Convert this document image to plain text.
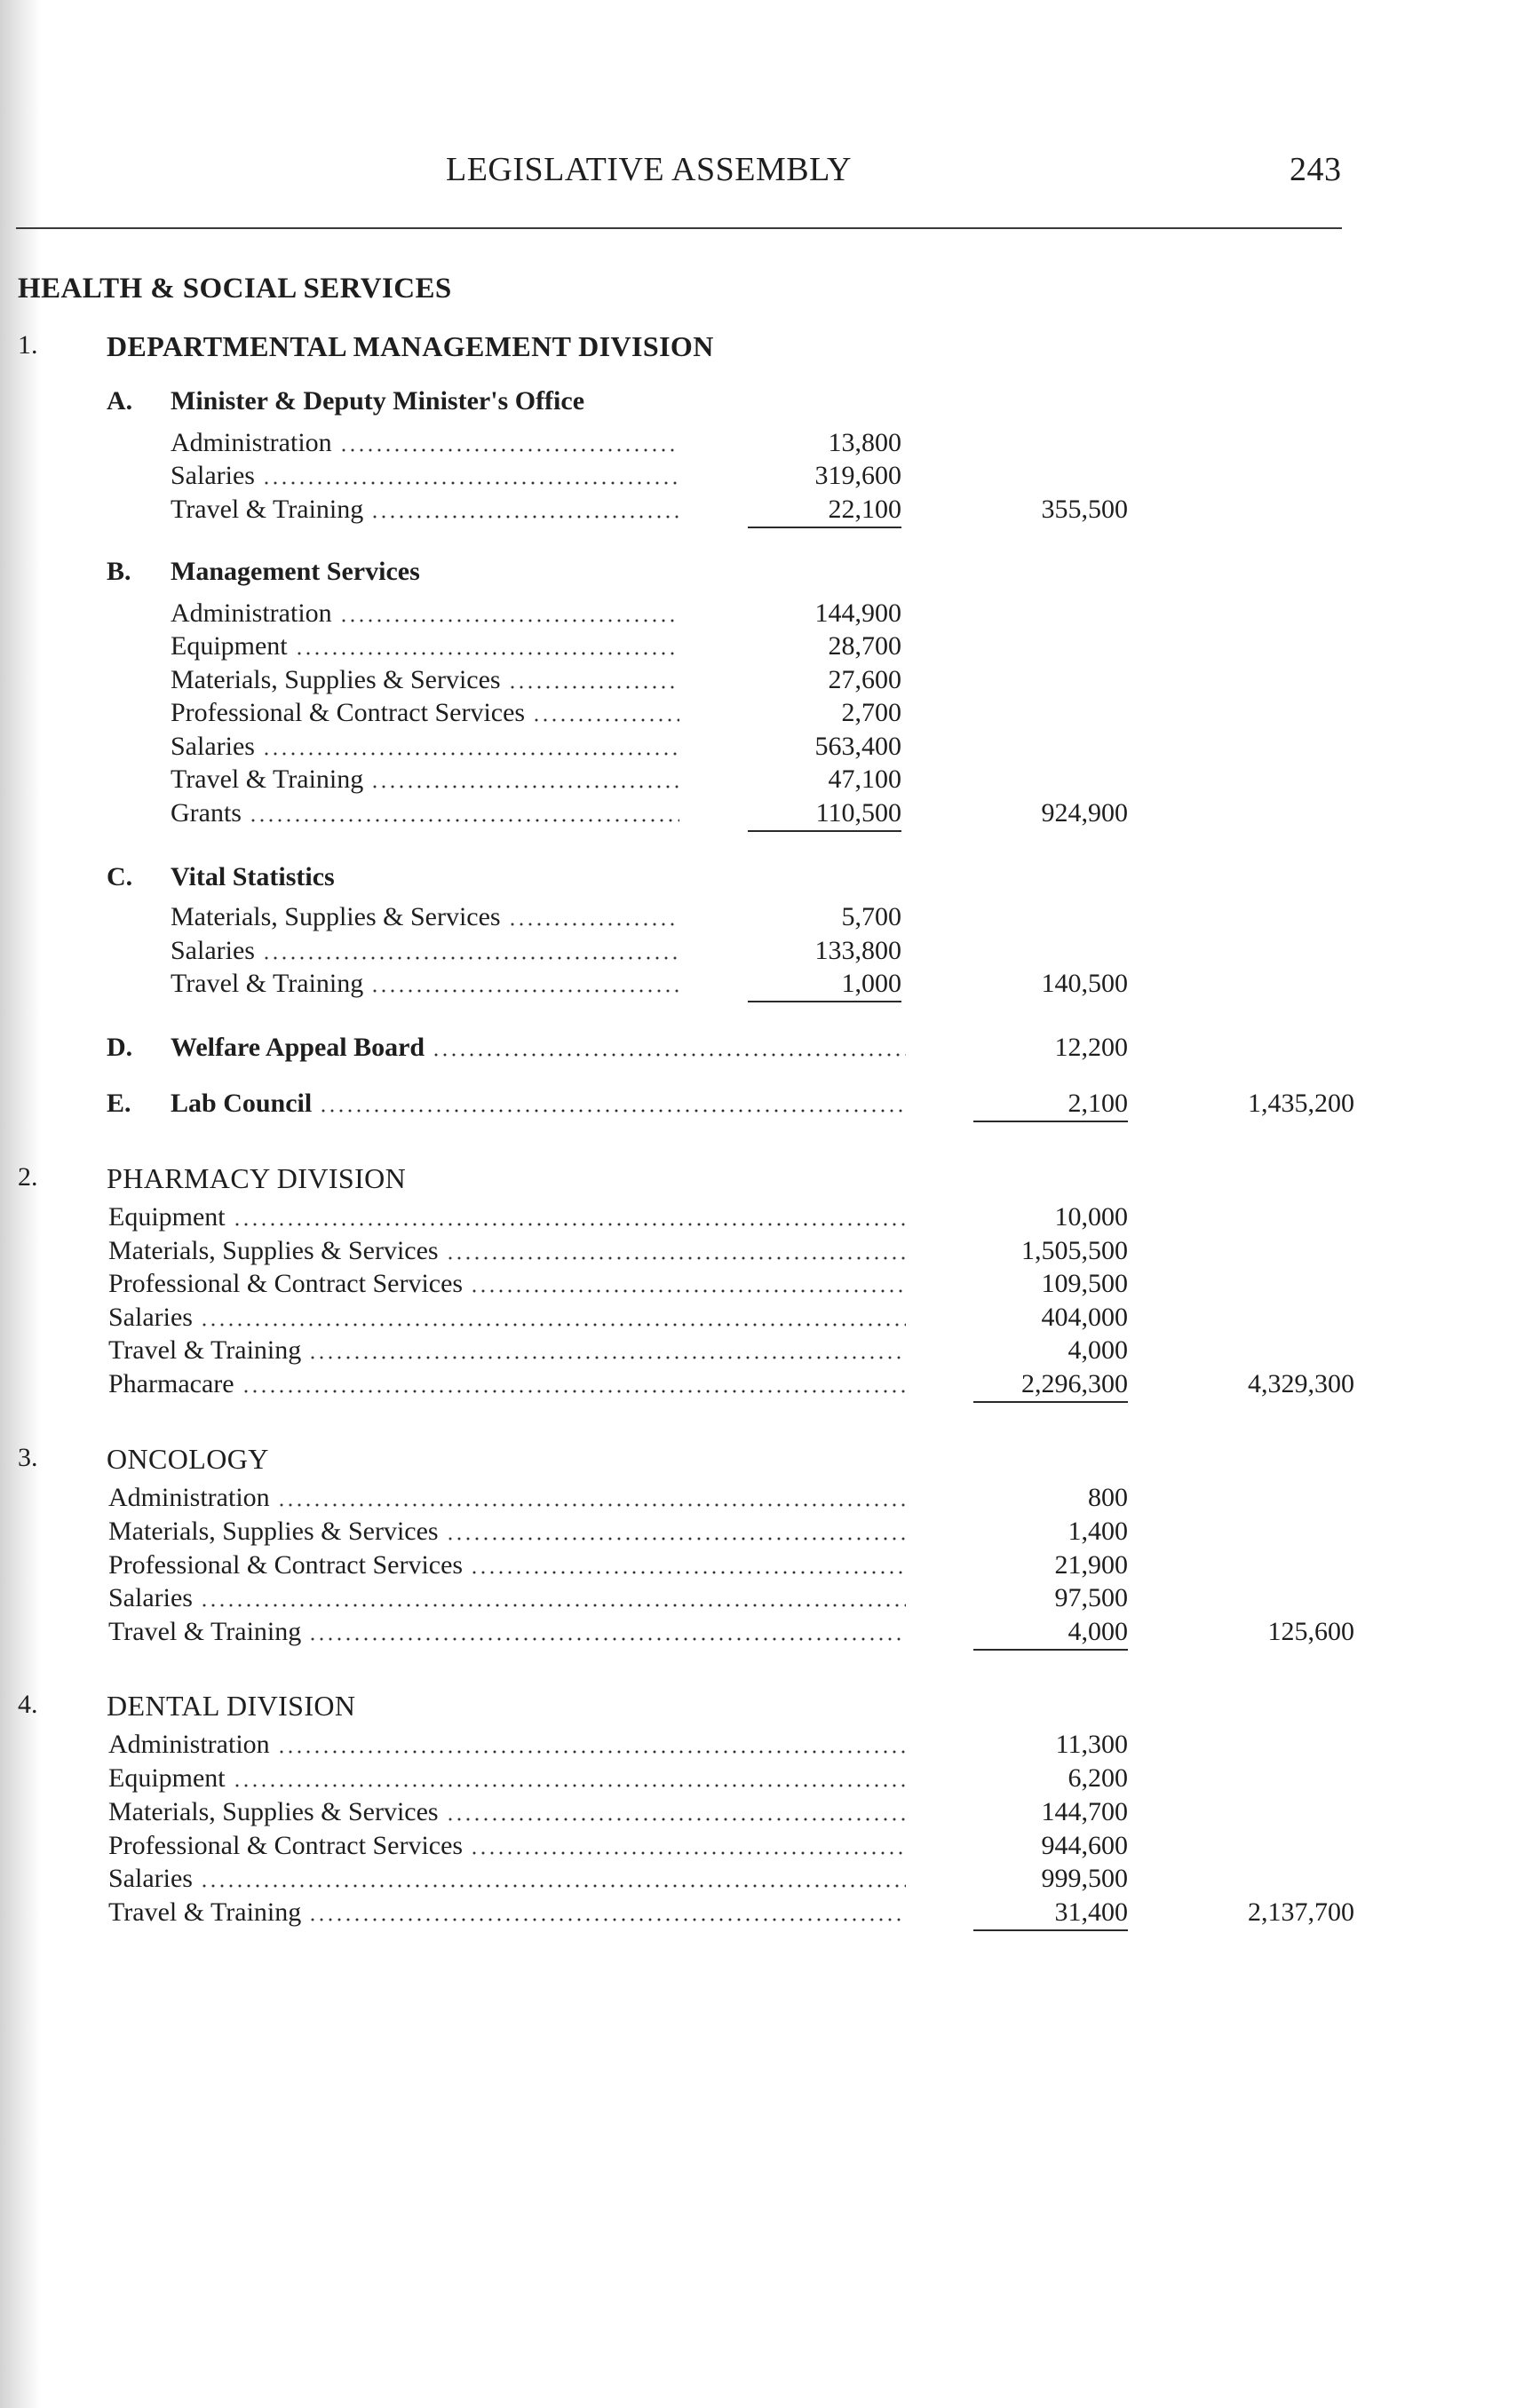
LEGISLATIVE ASSEMBLY	243
HEALTH & SOCIAL SERVICES
1. DEPARTMENTAL MANAGEMENT DIVISION
A. Minister & Deputy Minister's Office
Administration	13,800
Salaries	319,600
Travel & Training	22,100	355,500
B. Management Services
Administration	144,900
Equipment	28,700
Materials, Supplies & Services	27,600
Professional & Contract Services	2,700
Salaries	563,400
Travel & Training	47,100
Grants	110,500	924,900
C. Vital Statistics
Materials, Supplies & Services	5,700
Salaries	133,800
Travel & Training	1,000	140,500
D. Welfare Appeal Board	12,200
E. Lab Council	2,100	1,435,200
2. PHARMACY DIVISION
Equipment	10,000
Materials, Supplies & Services	1,505,500
Professional & Contract Services	109,500
Salaries	404,000
Travel & Training	4,000
Pharmacare	2,296,300	4,329,300
3. ONCOLOGY
Administration	800
Materials, Supplies & Services	1,400
Professional & Contract Services	21,900
Salaries	97,500
Travel & Training	4,000	125,600
4. DENTAL DIVISION
Administration	11,300
Equipment	6,200
Materials, Supplies & Services	144,700
Professional & Contract Services	944,600
Salaries	999,500
Travel & Training	31,400	2,137,700
